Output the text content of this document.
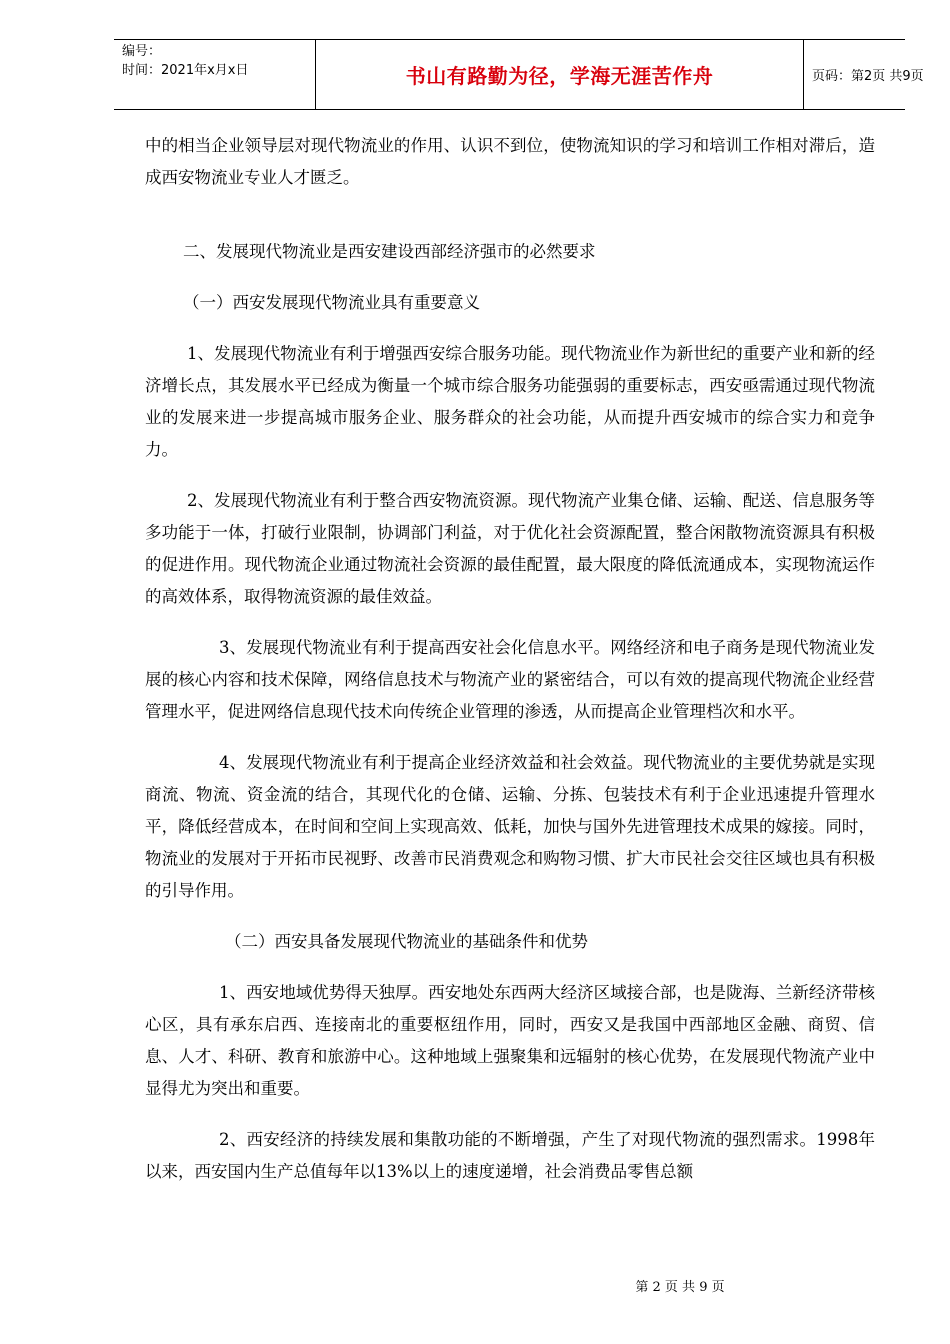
编号：
时间：2021年x月x日	书山有路勤为径，学海无涯苦作舟	页码：第2页 共9页

中的相当企业领导层对现代物流业的作用、认识不到位，使物流知识的学习和培训工作相对滞后，造成西安物流业专业人才匮乏。

二、发展现代物流业是西安建设西部经济强市的必然要求

（一）西安发展现代物流业具有重要意义

1、发展现代物流业有利于增强西安综合服务功能。现代物流业作为新世纪的重要产业和新的经济增长点，其发展水平已经成为衡量一个城市综合服务功能强弱的重要标志，西安亟需通过现代物流业的发展来进一步提高城市服务企业、服务群众的社会功能，从而提升西安城市的综合实力和竞争力。

2、发展现代物流业有利于整合西安物流资源。现代物流产业集仓储、运输、配送、信息服务等多功能于一体，打破行业限制，协调部门利益，对于优化社会资源配置，整合闲散物流资源具有积极的促进作用。现代物流企业通过物流社会资源的最佳配置，最大限度的降低流通成本，实现物流运作的高效体系，取得物流资源的最佳效益。

3、发展现代物流业有利于提高西安社会化信息水平。网络经济和电子商务是现代物流业发展的核心内容和技术保障，网络信息技术与物流产业的紧密结合，可以有效的提高现代物流企业经营管理水平，促进网络信息现代技术向传统企业管理的渗透，从而提高企业管理档次和水平。

4、发展现代物流业有利于提高企业经济效益和社会效益。现代物流业的主要优势就是实现商流、物流、资金流的结合，其现代化的仓储、运输、分拣、包装技术有利于企业迅速提升管理水平，降低经营成本，在时间和空间上实现高效、低耗，加快与国外先进管理技术成果的嫁接。同时，物流业的发展对于开拓市民视野、改善市民消费观念和购物习惯、扩大市民社会交往区域也具有积极的引导作用。

（二）西安具备发展现代物流业的基础条件和优势

1、西安地域优势得天独厚。西安地处东西两大经济区域接合部，也是陇海、兰新经济带核心区，具有承东启西、连接南北的重要枢纽作用，同时，西安又是我国中西部地区金融、商贸、信息、人才、科研、教育和旅游中心。这种地域上强聚集和远辐射的核心优势，在发展现代物流产业中显得尤为突出和重要。

2、西安经济的持续发展和集散功能的不断增强，产生了对现代物流的强烈需求。1998年以来，西安国内生产总值每年以13%以上的速度递增，社会消费品零售总额

第 2 页 共 9 页
